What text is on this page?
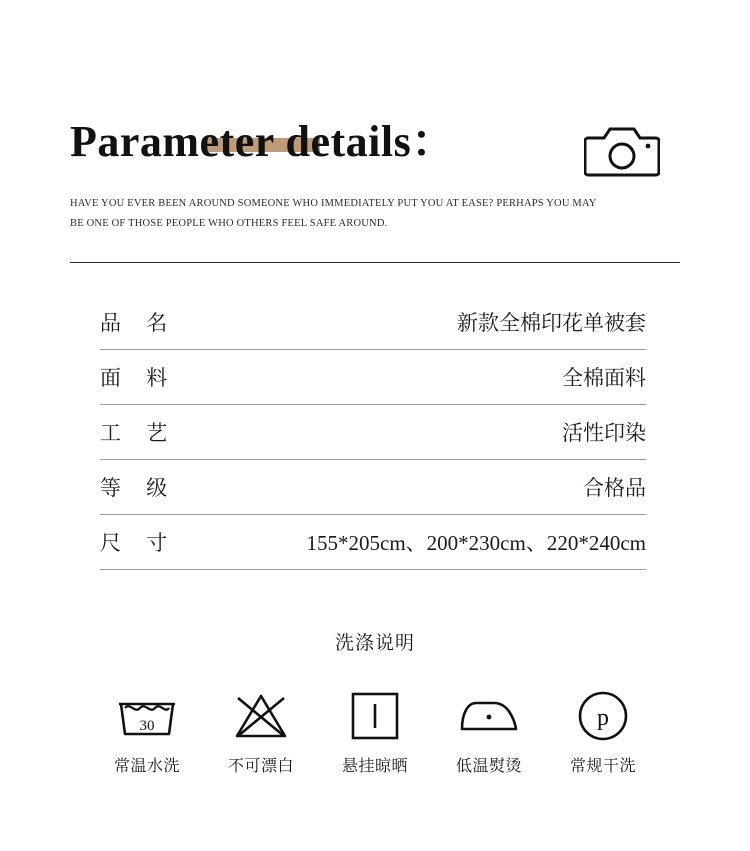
Parameter details：
HAVE YOU EVER BEEN AROUND SOMEONE WHO IMMEDIATELY PUT YOU AT EASE? PERHAPS YOU MAY
BE ONE OF THOSE PEOPLE WHO OTHERS FEEL SAFE AROUND.
品 名	新款全棉印花单被套
面 料	全棉面料
工 艺	活性印染
等 级	合格品
尺 寸	155*205cm、200*230cm、220*240cm
洗涤说明
30
常温水洗	不可漂白	悬挂晾晒	低温熨烫
p
常规干洗
